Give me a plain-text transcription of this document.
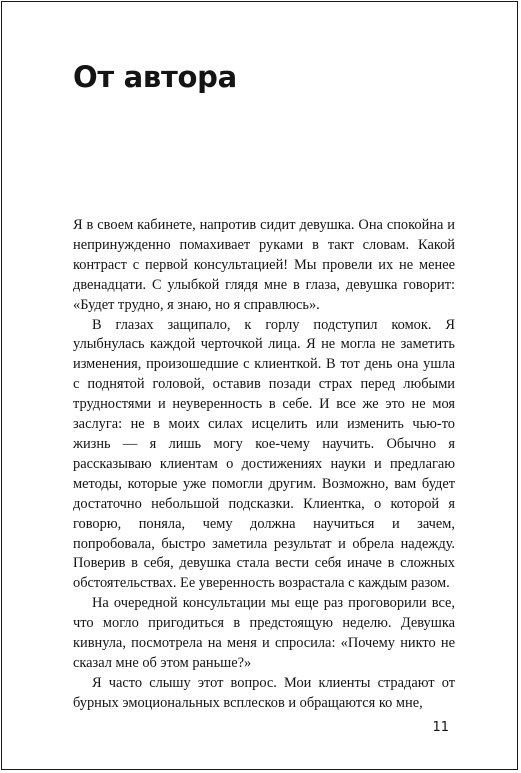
От автора

Я в своем кабинете, напротив сидит девушка. Она спокойна и непринужденно помахивает руками в такт словам. Какой контраст с первой консультацией! Мы провели их не менее двенадцати. С улыбкой глядя мне в глаза, девушка говорит: «Будет трудно, я знаю, но я справлюсь».

В глазах защипало, к горлу подступил комок. Я улыбнулась каждой черточкой лица. Я не могла не заметить изменения, произошедшие с клиенткой. В тот день она ушла с поднятой головой, оставив позади страх перед любыми трудностями и неуверенность в себе. И все же это не моя заслуга: не в моих силах исцелить или изменить чью-то жизнь — я лишь могу кое-чему научить. Обычно я рассказываю клиентам о достижениях науки и предлагаю методы, которые уже помогли другим. Возможно, вам будет достаточно небольшой подсказки. Клиентка, о которой я говорю, поняла, чему должна научиться и зачем, попробовала, быстро заметила результат и обрела надежду. Поверив в себя, девушка стала вести себя иначе в сложных обстоятельствах. Ее уверенность возрастала с каждым разом.

На очередной консультации мы еще раз проговорили все, что могло пригодиться в предстоящую неделю. Девушка кивнула, посмотрела на меня и спросила: «Почему никто не сказал мне об этом раньше?»

Я часто слышу этот вопрос. Мои клиенты страдают от бурных эмоциональных всплесков и обращаются ко мне,

11
